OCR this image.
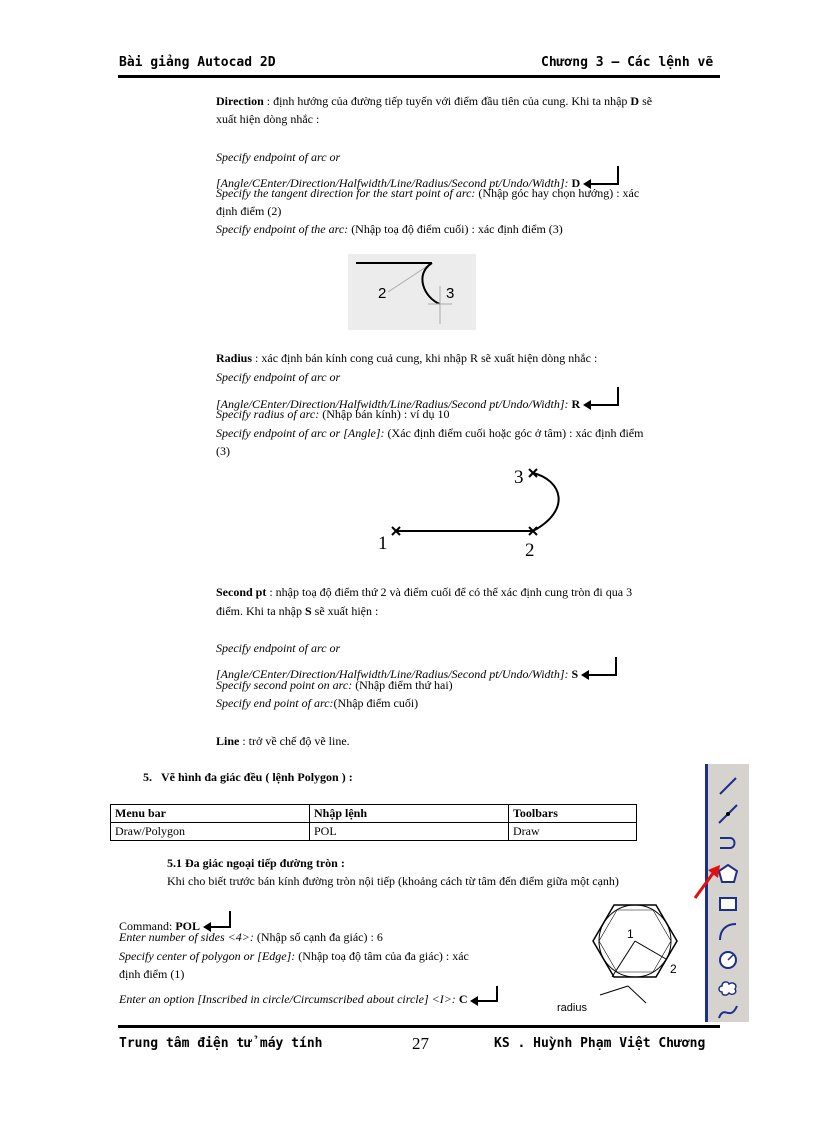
Bài giảng Autocad 2D	Chương 3 – Các lệnh vẽ
Direction : định hướng của đường tiếp tuyến với điểm đầu tiên của cung. Khi ta nhập D sẽ
xuất hiện dòng nhắc :
Specify endpoint of arc or
[Angle/CEnter/Direction/Halfwidth/Line/Radius/Second pt/Undo/Width]: D
Specify the tangent direction for the start point of arc: (Nhập góc hay chọn hướng) : xác
định điểm (2)
Specify endpoint of the arc: (Nhập toạ độ điểm cuối) : xác định điểm (3)
2	3
Radius : xác định bán kính cong cuả cung, khi nhập R sẽ xuất hiện dòng nhắc :
Specify endpoint of arc or
[Angle/CEnter/Direction/Halfwidth/Line/Radius/Second pt/Undo/Width]: R
Specify radius of arc: (Nhập bán kính) : ví dụ 10
Specify endpoint of arc or [Angle]: (Xác định điểm cuối hoặc góc ở tâm) : xác định điểm
(3)
3
1	2
Second pt : nhập toạ độ điểm thứ 2 và điểm cuối để có thể xác định cung tròn đi qua 3
điểm. Khi ta nhập S sẽ xuất hiện :
Specify endpoint of arc or
[Angle/CEnter/Direction/Halfwidth/Line/Radius/Second pt/Undo/Width]: S
Specify second point on arc: (Nhập điểm thứ hai)
Specify end point of arc:(Nhập điểm cuối)
Line : trở về chế độ vẽ line.
5. Vẽ hình đa giác đều ( lệnh Polygon ) :
Menu bar	Nhập lệnh	Toolbars
Draw/Polygon	POL	Draw
5.1 Đa giác ngoại tiếp đường tròn :
Khi cho biết trước bán kính đường tròn nội tiếp (khoảng cách từ tâm đến điểm giữa một cạnh)
Command: POL
Enter number of sides <4>: (Nhập số cạnh đa giác) : 6
Specify center of polygon or [Edge]: (Nhập toạ độ tâm của đa giác) : xác
định điểm (1)
Enter an option [Inscribed in circle/Circumscribed about circle] <I>: C
1
2
radius
Trung tâm điện tử máy tính	27	KS . Huỳnh Phạm Việt Chương
